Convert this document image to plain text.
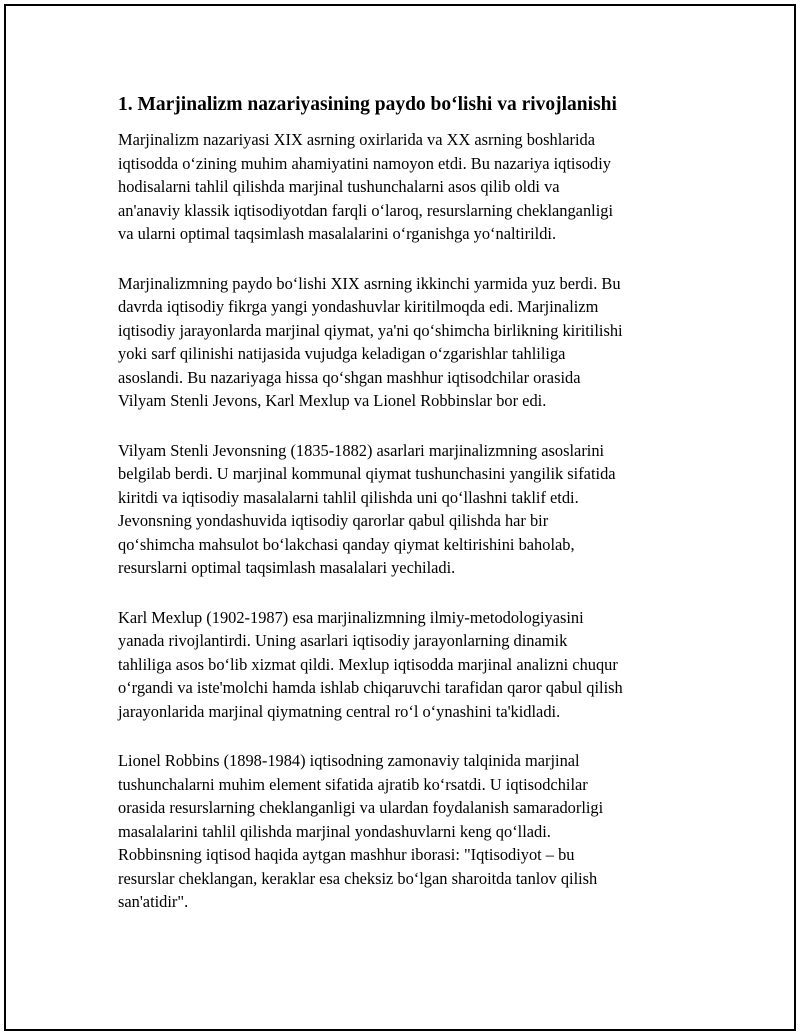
1. Marjinalizm nazariyasining paydo bo‘lishi va rivojlanishi

Marjinalizm nazariyasi XIX asrning oxirlarida va XX asrning boshlarida
iqtisodda o‘zining muhim ahamiyatini namoyon etdi. Bu nazariya iqtisodiy
hodisalarni tahlil qilishda marjinal tushunchalarni asos qilib oldi va
an'anaviy klassik iqtisodiyotdan farqli o‘laroq, resurslarning cheklanganligi
va ularni optimal taqsimlash masalalarini o‘rganishga yo‘naltirildi.

Marjinalizmning paydo bo‘lishi XIX asrning ikkinchi yarmida yuz berdi. Bu
davrda iqtisodiy fikrga yangi yondashuvlar kiritilmoqda edi. Marjinalizm
iqtisodiy jarayonlarda marjinal qiymat, ya'ni qo‘shimcha birlikning kiritilishi
yoki sarf qilinishi natijasida vujudga keladigan o‘zgarishlar tahliliga
asoslandi. Bu nazariyaga hissa qo‘shgan mashhur iqtisodchilar orasida
Vilyam Stenli Jevons, Karl Mexlup va Lionel Robbinslar bor edi.

Vilyam Stenli Jevonsning (1835-1882) asarlari marjinalizmning asoslarini
belgilab berdi. U marjinal kommunal qiymat tushunchasini yangilik sifatida
kiritdi va iqtisodiy masalalarni tahlil qilishda uni qo‘llashni taklif etdi.
Jevonsning yondashuvida iqtisodiy qarorlar qabul qilishda har bir
qo‘shimcha mahsulot bo‘lakchasi qanday qiymat keltirishini baholab,
resurslarni optimal taqsimlash masalalari yechiladi.

Karl Mexlup (1902-1987) esa marjinalizmning ilmiy-metodologiyasini
yanada rivojlantirdi. Uning asarlari iqtisodiy jarayonlarning dinamik
tahliliga asos bo‘lib xizmat qildi. Mexlup iqtisodda marjinal analizni chuqur
o‘rgandi va iste'molchi hamda ishlab chiqaruvchi tarafidan qaror qabul qilish
jarayonlarida marjinal qiymatning central ro‘l o‘ynashini ta'kidladi.

Lionel Robbins (1898-1984) iqtisodning zamonaviy talqinida marjinal
tushunchalarni muhim element sifatida ajratib ko‘rsatdi. U iqtisodchilar
orasida resurslarning cheklanganligi va ulardan foydalanish samaradorligi
masalalarini tahlil qilishda marjinal yondashuvlarni keng qo‘lladi.
Robbinsning iqtisod haqida aytgan mashhur iborasi: "Iqtisodiyot – bu
resurslar cheklangan, keraklar esa cheksiz bo‘lgan sharoitda tanlov qilish
san'atidir".
